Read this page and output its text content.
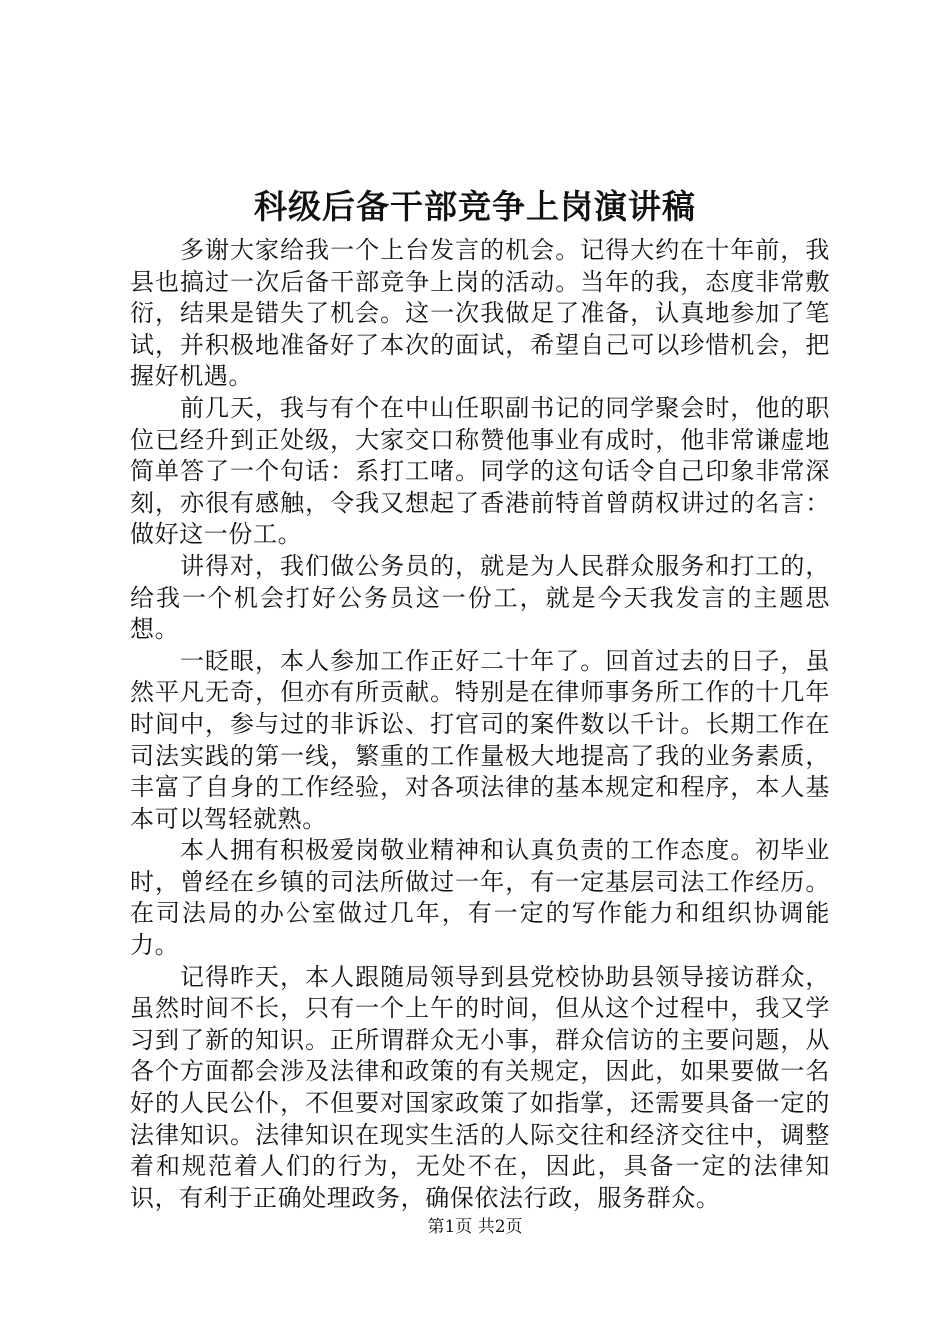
科级后备干部竞争上岗演讲稿

多谢大家给我一个上台发言的机会。记得大约在十年前，我县也搞过一次后备干部竞争上岗的活动。当年的我，态度非常敷衍，结果是错失了机会。这一次我做足了准备，认真地参加了笔试，并积极地准备好了本次的面试，希望自己可以珍惜机会，把握好机遇。

前几天，我与有个在中山任职副书记的同学聚会时，他的职位已经升到正处级，大家交口称赞他事业有成时，他非常谦虚地简单答了一个句话：系打工啫。同学的这句话令自己印象非常深刻，亦很有感触，令我又想起了香港前特首曾荫权讲过的名言：做好这一份工。

讲得对，我们做公务员的，就是为人民群众服务和打工的，给我一个机会打好公务员这一份工，就是今天我发言的主题思想。

一眨眼，本人参加工作正好二十年了。回首过去的日子，虽然平凡无奇，但亦有所贡献。特别是在律师事务所工作的十几年时间中，参与过的非诉讼、打官司的案件数以千计。长期工作在司法实践的第一线，繁重的工作量极大地提高了我的业务素质，丰富了自身的工作经验，对各项法律的基本规定和程序，本人基本可以驾轻就熟。

本人拥有积极爱岗敬业精神和认真负责的工作态度。初毕业时，曾经在乡镇的司法所做过一年，有一定基层司法工作经历。在司法局的办公室做过几年，有一定的写作能力和组织协调能力。

记得昨天，本人跟随局领导到县党校协助县领导接访群众，虽然时间不长，只有一个上午的时间，但从这个过程中，我又学习到了新的知识。正所谓群众无小事，群众信访的主要问题，从各个方面都会涉及法律和政策的有关规定，因此，如果要做一名好的人民公仆，不但要对国家政策了如指掌，还需要具备一定的法律知识。法律知识在现实生活的人际交往和经济交往中，调整着和规范着人们的行为，无处不在，因此，具备一定的法律知识，有利于正确处理政务，确保依法行政，服务群众。

第1页 共2页
